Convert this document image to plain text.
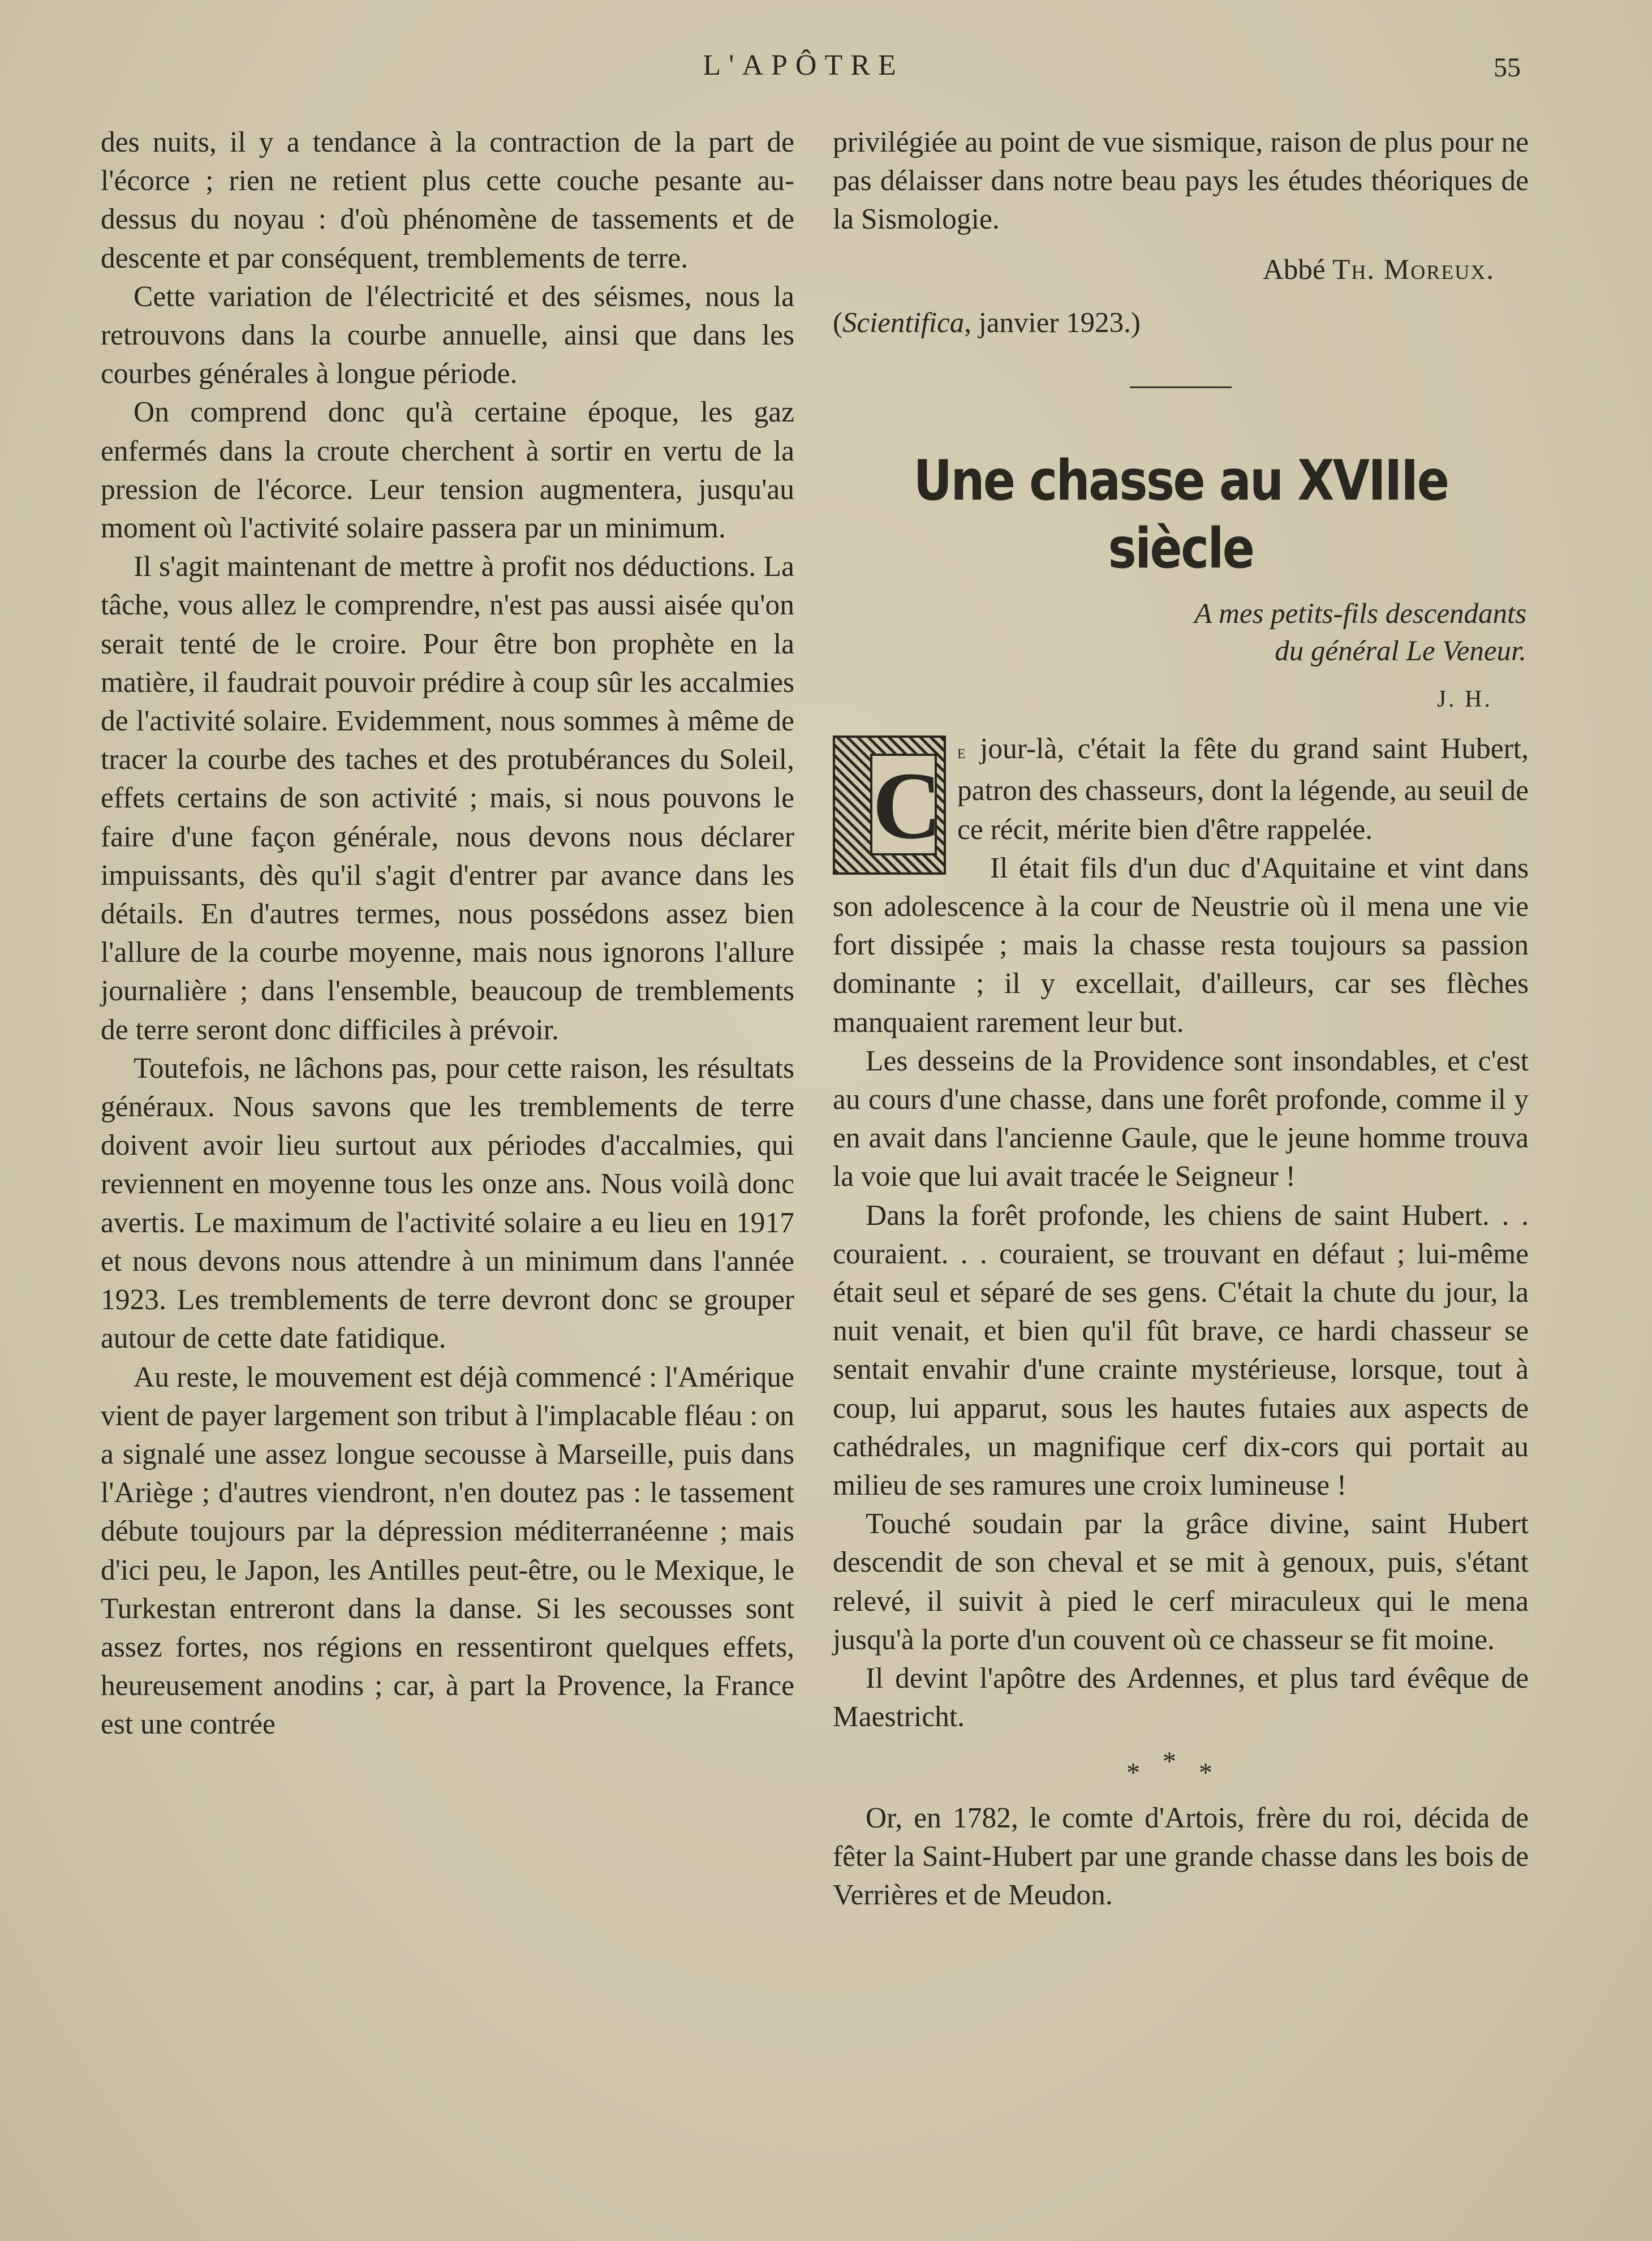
L'APÔTRE	55

des nuits, il y a tendance à la contraction de la part de l'écorce ; rien ne retient plus cette couche pesante au-dessus du noyau : d'où phénomène de tassements et de descente et par conséquent, tremblements de terre.

Cette variation de l'électricité et des séismes, nous la retrouvons dans la courbe annuelle, ainsi que dans les courbes générales à longue période.

On comprend donc qu'à certaine époque, les gaz enfermés dans la croute cherchent à sortir en vertu de la pression de l'écorce. Leur tension augmentera, jusqu'au moment où l'activité solaire passera par un minimum.

Il s'agit maintenant de mettre à profit nos déductions. La tâche, vous allez le comprendre, n'est pas aussi aisée qu'on serait tenté de le croire. Pour être bon prophète en la matière, il faudrait pouvoir prédire à coup sûr les accalmies de l'activité solaire. Evidemment, nous sommes à même de tracer la courbe des taches et des protubérances du Soleil, effets certains de son activité ; mais, si nous pouvons le faire d'une façon générale, nous devons nous déclarer impuissants, dès qu'il s'agit d'entrer par avance dans les détails. En d'autres termes, nous possédons assez bien l'allure de la courbe moyenne, mais nous ignorons l'allure journalière ; dans l'ensemble, beaucoup de tremblements de terre seront donc difficiles à prévoir.

Toutefois, ne lâchons pas, pour cette raison, les résultats généraux. Nous savons que les tremblements de terre doivent avoir lieu surtout aux périodes d'accalmies, qui reviennent en moyenne tous les onze ans. Nous voilà donc avertis. Le maximum de l'activité solaire a eu lieu en 1917 et nous devons nous attendre à un minimum dans l'année 1923. Les tremblements de terre devront donc se grouper autour de cette date fatidique.

Au reste, le mouvement est déjà commencé : l'Amérique vient de payer largement son tribut à l'implacable fléau : on a signalé une assez longue secousse à Marseille, puis dans l'Ariège ; d'autres viendront, n'en doutez pas : le tassement débute toujours par la dépression méditerranéenne ; mais d'ici peu, le Japon, les Antilles peut-être, ou le Mexique, le Turkestan entreront dans la danse. Si les secousses sont assez fortes, nos régions en ressentiront quelques effets, heureusement anodins ; car, à part la Provence, la France est une contrée

privilégiée au point de vue sismique, raison de plus pour ne pas délaisser dans notre beau pays les études théoriques de la Sismologie.

Abbé Th. Moreux.
(Scientifica, janvier 1923.)
Une chasse au XVIIIe siècle
A mes petits-fils descendants
du général Le Veneur.
J. H.
C
e jour-là, c'était la fête du grand saint Hubert, patron des chasseurs, dont la légende, au seuil de ce récit, mérite bien d'être rappelée.

Il était fils d'un duc d'Aquitaine et vint dans son adolescence à la cour de Neustrie où il mena une vie fort dissipée ; mais la chasse resta toujours sa passion dominante ; il y excellait, d'ailleurs, car ses flèches manquaient rarement leur but.

Les desseins de la Providence sont insondables, et c'est au cours d'une chasse, dans une forêt profonde, comme il y en avait dans l'ancienne Gaule, que le jeune homme trouva la voie que lui avait tracée le Seigneur !

Dans la forêt profonde, les chiens de saint Hubert. . . couraient. . . couraient, se trouvant en défaut ; lui-même était seul et séparé de ses gens. C'était la chute du jour, la nuit venait, et bien qu'il fût brave, ce hardi chasseur se sentait envahir d'une crainte mystérieuse, lorsque, tout à coup, lui apparut, sous les hautes futaies aux aspects de cathédrales, un magnifique cerf dix-cors qui portait au milieu de ses ramures une croix lumineuse !

Touché soudain par la grâce divine, saint Hubert descendit de son cheval et se mit à genoux, puis, s'étant relevé, il suivit à pied le cerf miraculeux qui le mena jusqu'à la porte d'un couvent où ce chasseur se fit moine.

Il devint l'apôtre des Ardennes, et plus tard évêque de Maestricht.

***

Or, en 1782, le comte d'Artois, frère du roi, décida de fêter la Saint-Hubert par une grande chasse dans les bois de Verrières et de Meudon.
